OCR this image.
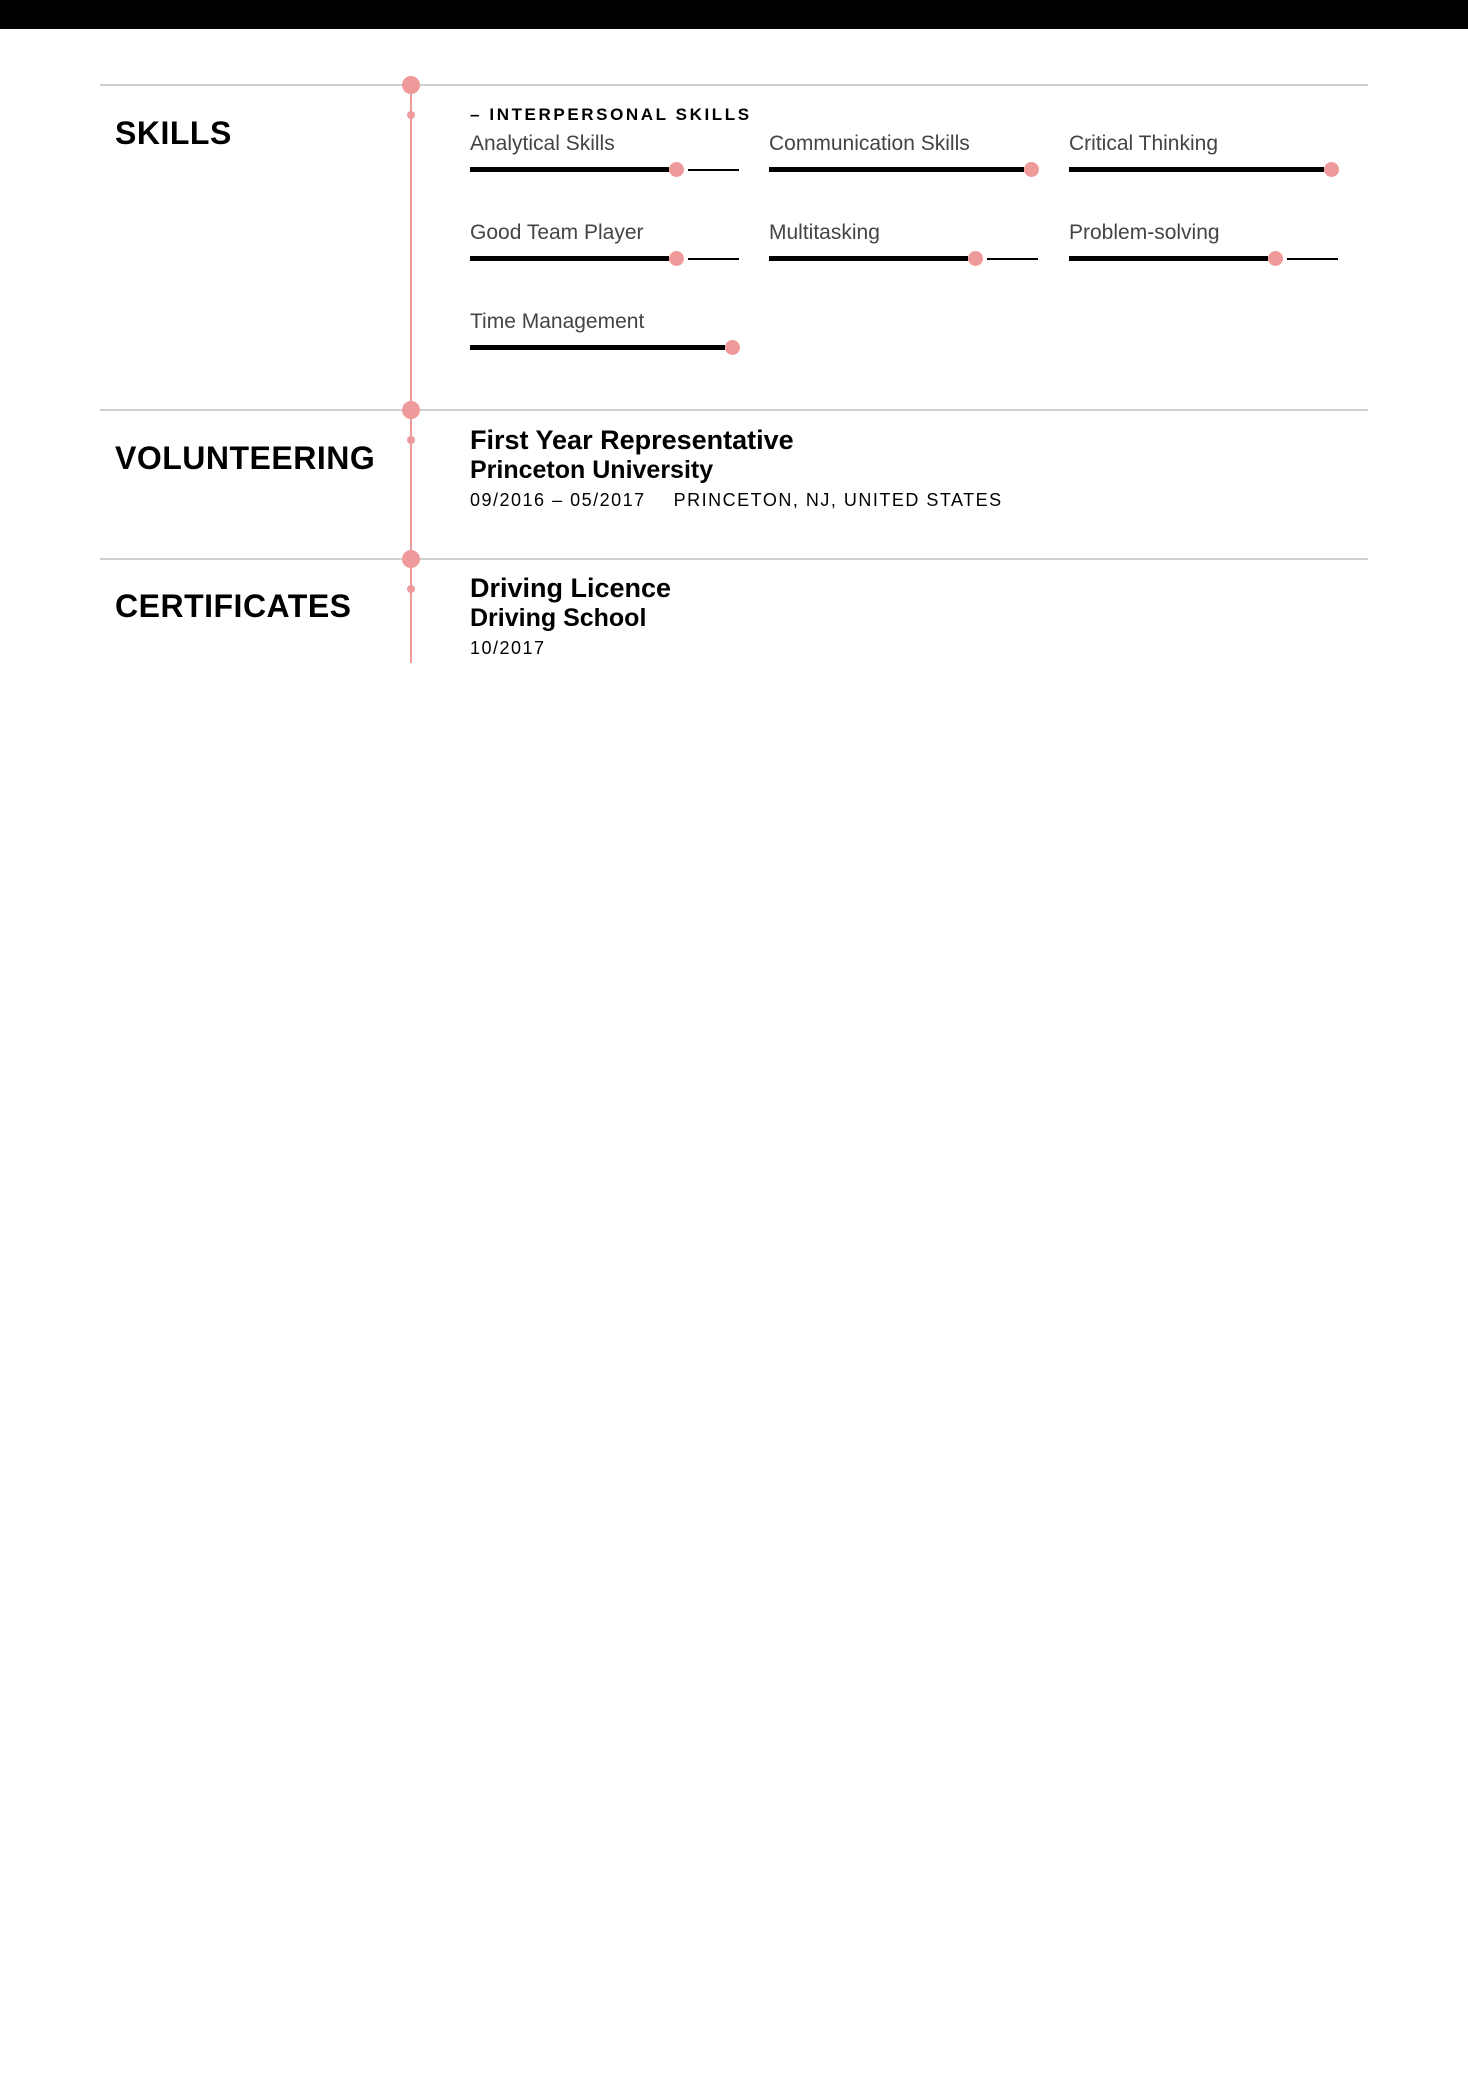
SKILLS
– INTERPERSONAL SKILLS
Analytical Skills	Communication Skills	Critical Thinking
Good Team Player	Multitasking	Problem-solving
Time Management
VOLUNTEERING	First Year Representative
Princeton University
09/2016 – 05/2017 PRINCETON, NJ, UNITED STATES
CERTIFICATES	Driving Licence
Driving School
10/2017
